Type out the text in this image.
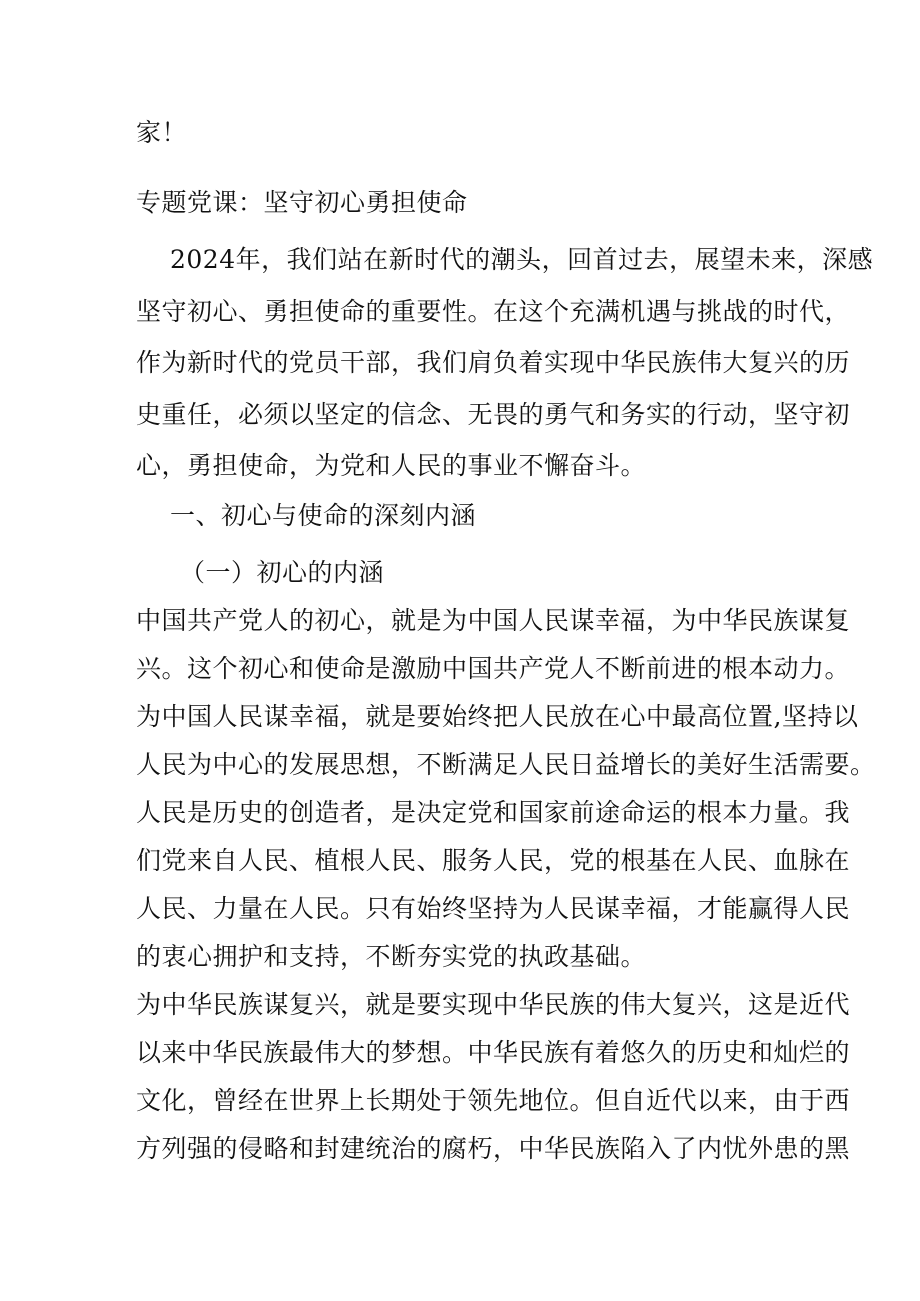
家！
专题党课：坚守初心勇担使命
2024年，我们站在新时代的潮头，回首过去，展望未来，深感
坚守初心、勇担使命的重要性。在这个充满机遇与挑战的时代，
作为新时代的党员干部，我们肩负着实现中华民族伟大复兴的历
史重任，必须以坚定的信念、无畏的勇气和务实的行动，坚守初
心，勇担使命，为党和人民的事业不懈奋斗。
一、初心与使命的深刻内涵
（一）初心的内涵
中国共产党人的初心，就是为中国人民谋幸福，为中华民族谋复
兴。这个初心和使命是激励中国共产党人不断前进的根本动力。
为中国人民谋幸福，就是要始终把人民放在心中最高位置,坚持以
人民为中心的发展思想，不断满足人民日益增长的美好生活需要。
人民是历史的创造者，是决定党和国家前途命运的根本力量。我
们党来自人民、植根人民、服务人民，党的根基在人民、血脉在
人民、力量在人民。只有始终坚持为人民谋幸福，才能赢得人民
的衷心拥护和支持，不断夯实党的执政基础。
为中华民族谋复兴，就是要实现中华民族的伟大复兴，这是近代
以来中华民族最伟大的梦想。中华民族有着悠久的历史和灿烂的
文化，曾经在世界上长期处于领先地位。但自近代以来，由于西
方列强的侵略和封建统治的腐朽，中华民族陷入了内忧外患的黑
